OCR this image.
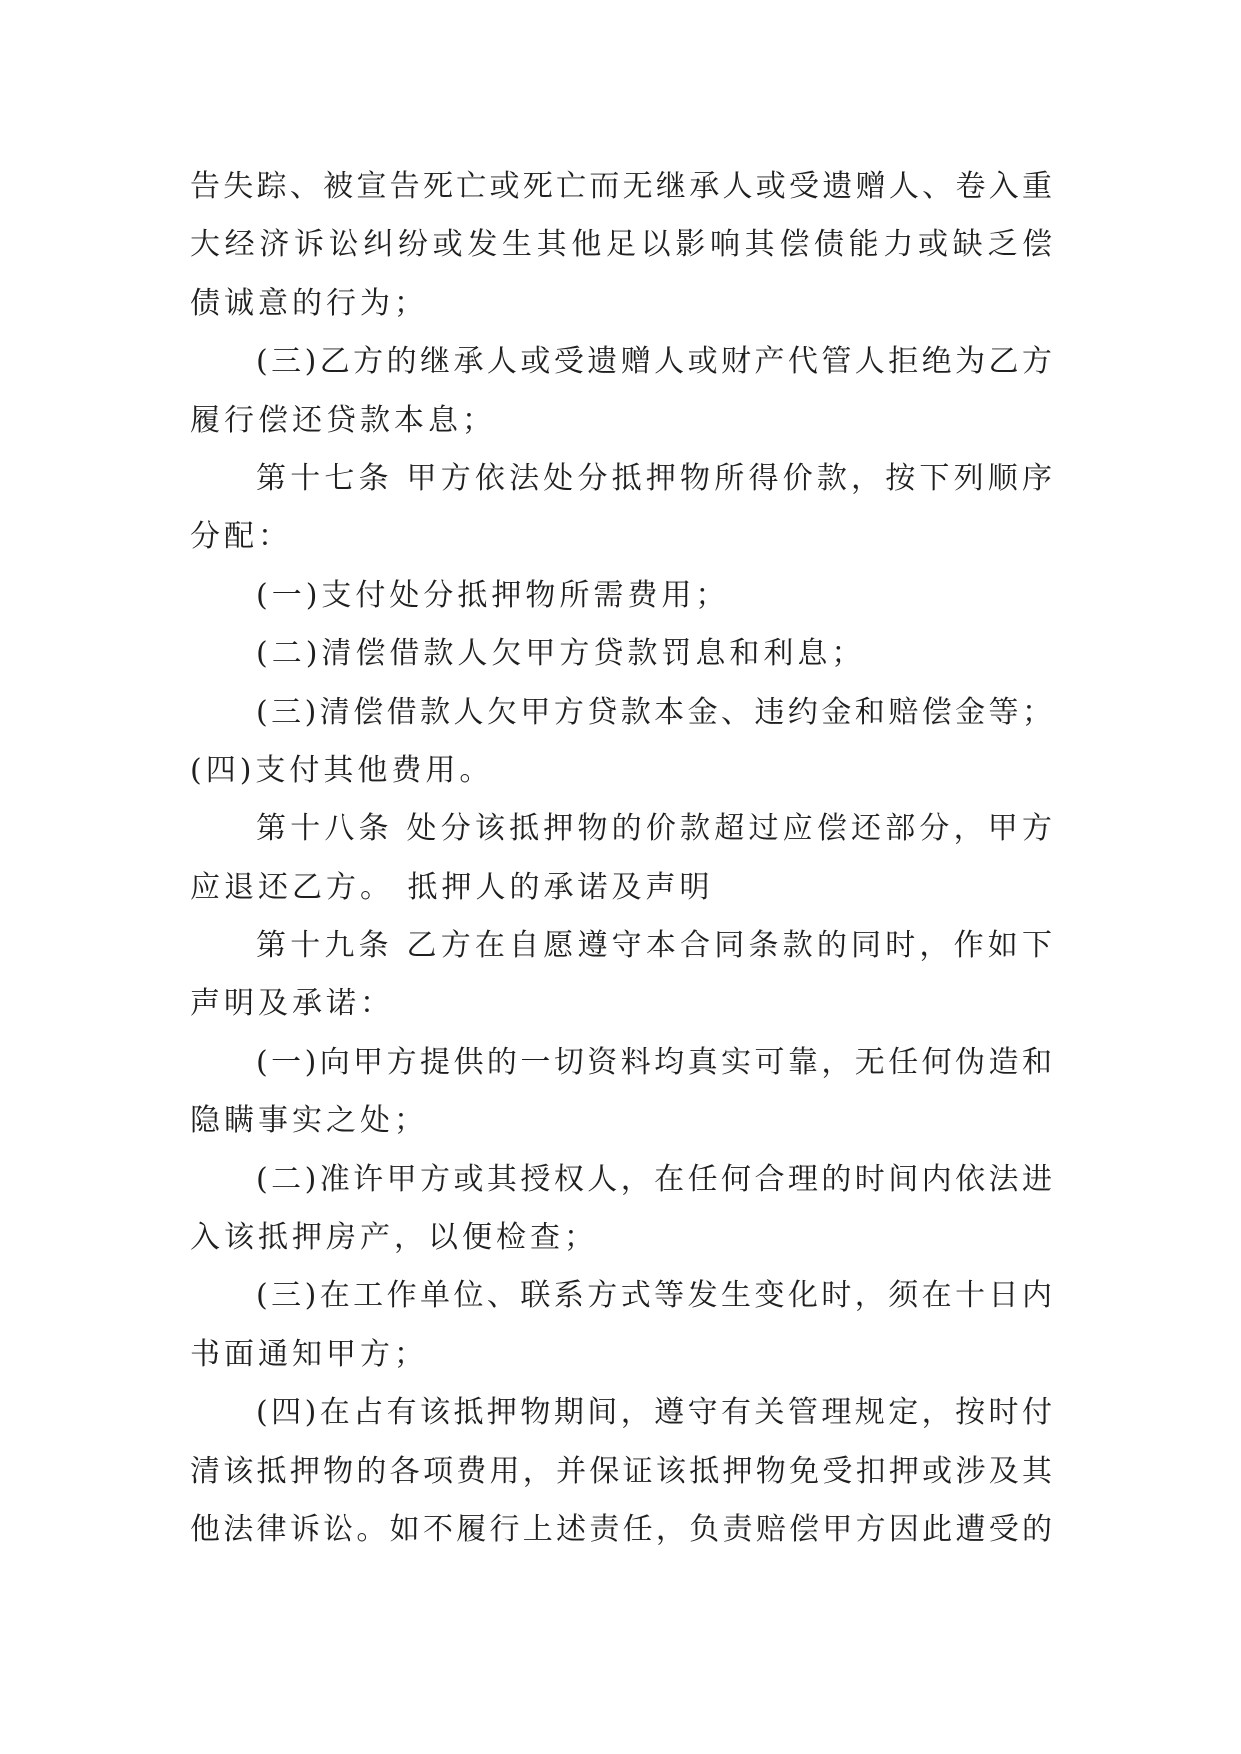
告失踪、被宣告死亡或死亡而无继承人或受遗赠人、卷入重
大经济诉讼纠纷或发生其他足以影响其偿债能力或缺乏偿
债诚意的行为；
(三)乙方的继承人或受遗赠人或财产代管人拒绝为乙方
履行偿还贷款本息；
第十七条 甲方依法处分抵押物所得价款，按下列顺序
分配：
(一)支付处分抵押物所需费用；
(二)清偿借款人欠甲方贷款罚息和利息；
(三)清偿借款人欠甲方贷款本金、违约金和赔偿金等；
(四)支付其他费用。
第十八条 处分该抵押物的价款超过应偿还部分，甲方
应退还乙方。 抵押人的承诺及声明
第十九条 乙方在自愿遵守本合同条款的同时，作如下
声明及承诺：
(一)向甲方提供的一切资料均真实可靠，无任何伪造和
隐瞒事实之处；
(二)准许甲方或其授权人，在任何合理的时间内依法进
入该抵押房产，以便检查；
(三)在工作单位、联系方式等发生变化时，须在十日内
书面通知甲方；
(四)在占有该抵押物期间，遵守有关管理规定，按时付
清该抵押物的各项费用，并保证该抵押物免受扣押或涉及其
他法律诉讼。如不履行上述责任，负责赔偿甲方因此遭受的
